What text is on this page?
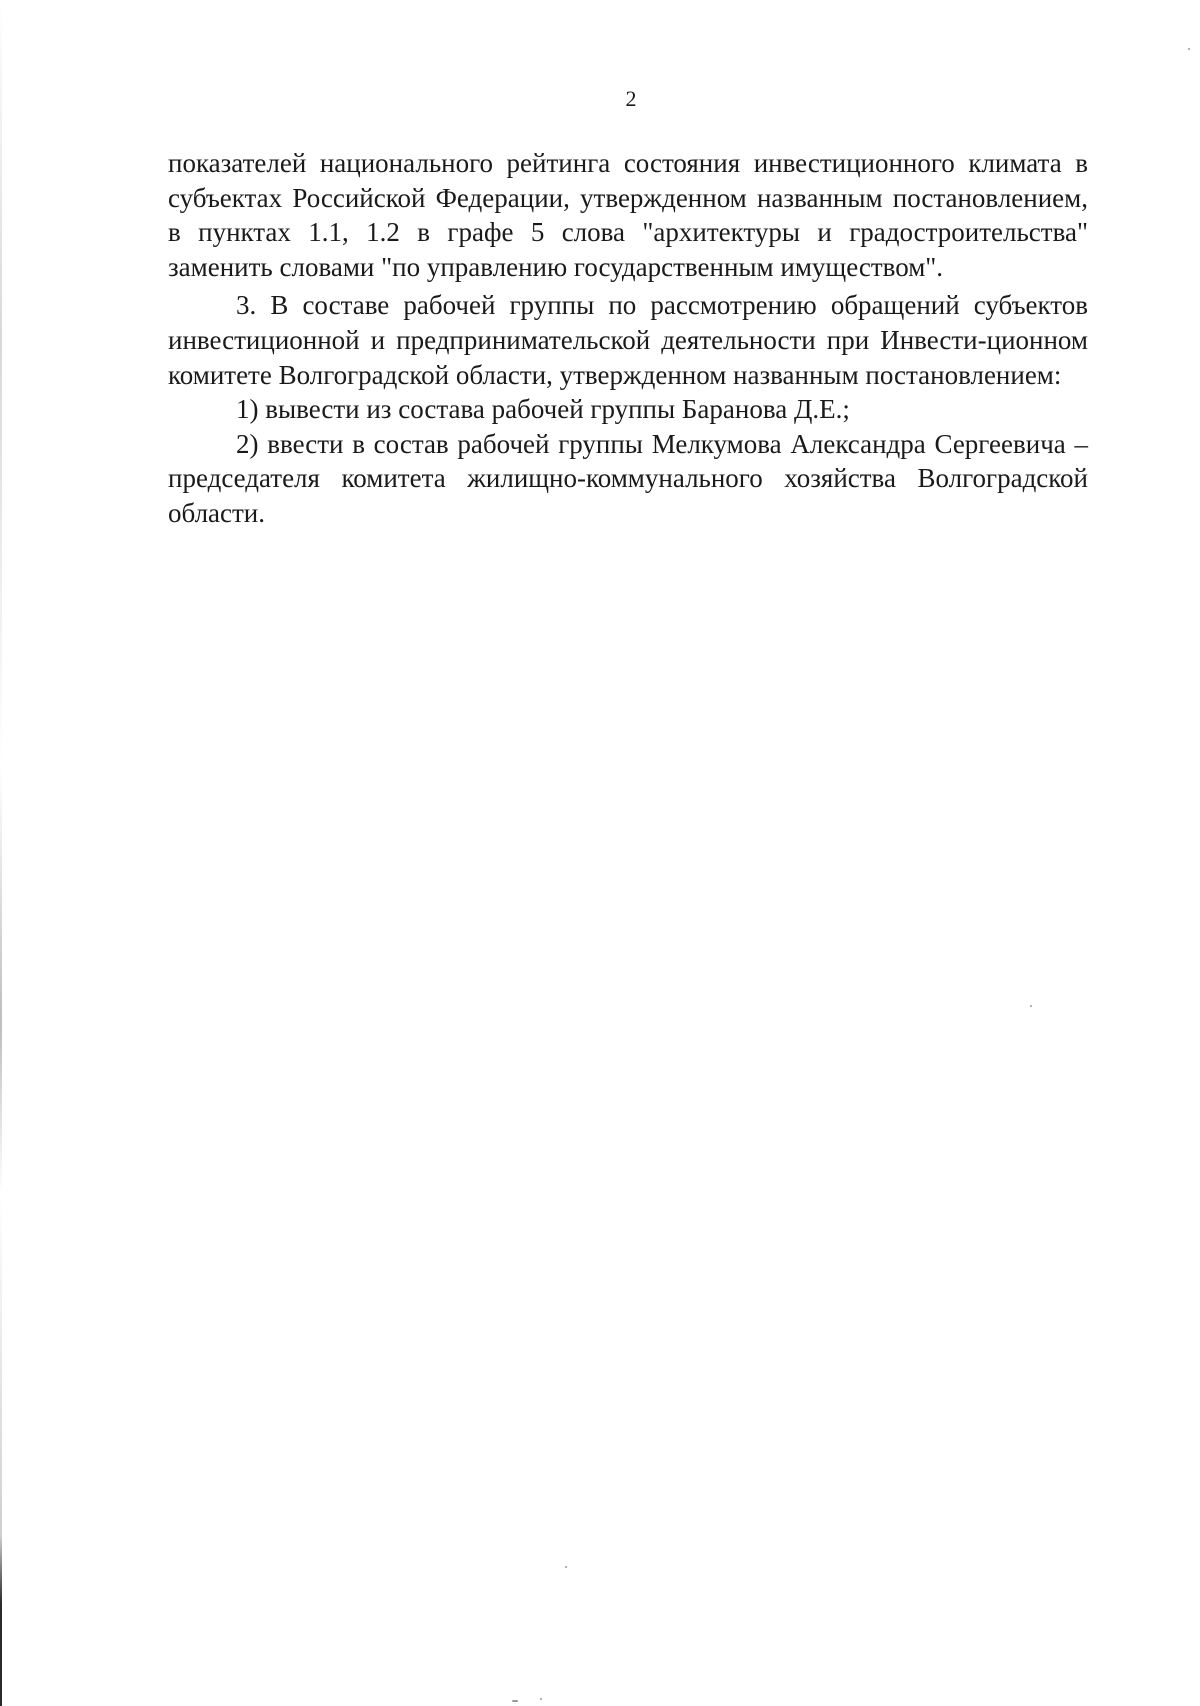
2

показателей национального рейтинга состояния инвестиционного климата в субъектах Российской Федерации, утвержденном названным постановлением, в пунктах 1.1, 1.2 в графе 5 слова "архитектуры и градостроительства" заменить словами "по управлению государственным имуществом".

3. В составе рабочей группы по рассмотрению обращений субъектов инвестиционной и предпринимательской деятельности при Инвести-ционном комитете Волгоградской области, утвержденном названным постановлением:

1) вывести из состава рабочей группы Баранова Д.Е.;

2) ввести в состав рабочей группы Мелкумова Александра Сергеевича – председателя комитета жилищно-коммунального хозяйства Волгоградской области.
